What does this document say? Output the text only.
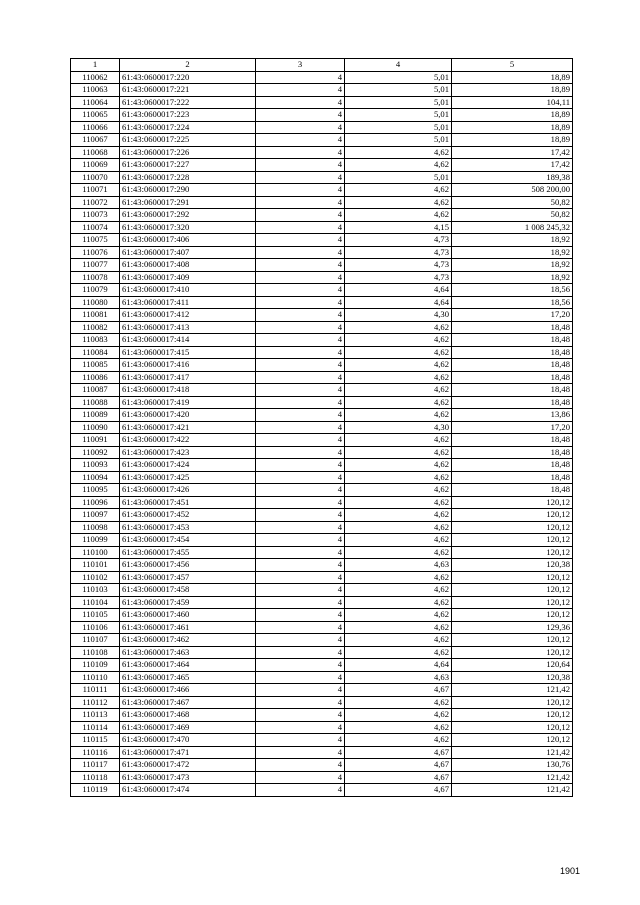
1	2	3	4	5
110062	61:43:0600017:220	4	5,01	18,89
110063	61:43:0600017:221	4	5,01	18,89
110064	61:43:0600017:222	4	5,01	104,11
110065	61:43:0600017:223	4	5,01	18,89
110066	61:43:0600017:224	4	5,01	18,89
110067	61:43:0600017:225	4	5,01	18,89
110068	61:43:0600017:226	4	4,62	17,42
110069	61:43:0600017:227	4	4,62	17,42
110070	61:43:0600017:228	4	5,01	189,38
110071	61:43:0600017:290	4	4,62	508 200,00
110072	61:43:0600017:291	4	4,62	50,82
110073	61:43:0600017:292	4	4,62	50,82
110074	61:43:0600017:320	4	4,15	1 008 245,32
110075	61:43:0600017:406	4	4,73	18,92
110076	61:43:0600017:407	4	4,73	18,92
110077	61:43:0600017:408	4	4,73	18,92
110078	61:43:0600017:409	4	4,73	18,92
110079	61:43:0600017:410	4	4,64	18,56
110080	61:43:0600017:411	4	4,64	18,56
110081	61:43:0600017:412	4	4,30	17,20
110082	61:43:0600017:413	4	4,62	18,48
110083	61:43:0600017:414	4	4,62	18,48
110084	61:43:0600017:415	4	4,62	18,48
110085	61:43:0600017:416	4	4,62	18,48
110086	61:43:0600017:417	4	4,62	18,48
110087	61:43:0600017:418	4	4,62	18,48
110088	61:43:0600017:419	4	4,62	18,48
110089	61:43:0600017:420	4	4,62	13,86
110090	61:43:0600017:421	4	4,30	17,20
110091	61:43:0600017:422	4	4,62	18,48
110092	61:43:0600017:423	4	4,62	18,48
110093	61:43:0600017:424	4	4,62	18,48
110094	61:43:0600017:425	4	4,62	18,48
110095	61:43:0600017:426	4	4,62	18,48
110096	61:43:0600017:451	4	4,62	120,12
110097	61:43:0600017:452	4	4,62	120,12
110098	61:43:0600017:453	4	4,62	120,12
110099	61:43:0600017:454	4	4,62	120,12
110100	61:43:0600017:455	4	4,62	120,12
110101	61:43:0600017:456	4	4,63	120,38
110102	61:43:0600017:457	4	4,62	120,12
110103	61:43:0600017:458	4	4,62	120,12
110104	61:43:0600017:459	4	4,62	120,12
110105	61:43:0600017:460	4	4,62	120,12
110106	61:43:0600017:461	4	4,62	129,36
110107	61:43:0600017:462	4	4,62	120,12
110108	61:43:0600017:463	4	4,62	120,12
110109	61:43:0600017:464	4	4,64	120,64
110110	61:43:0600017:465	4	4,63	120,38
110111	61:43:0600017:466	4	4,67	121,42
110112	61:43:0600017:467	4	4,62	120,12
110113	61:43:0600017:468	4	4,62	120,12
110114	61:43:0600017:469	4	4,62	120,12
110115	61:43:0600017:470	4	4,62	120,12
110116	61:43:0600017:471	4	4,67	121,42
110117	61:43:0600017:472	4	4,67	130,76
110118	61:43:0600017:473	4	4,67	121,42
110119	61:43:0600017:474	4	4,67	121,42
1901
